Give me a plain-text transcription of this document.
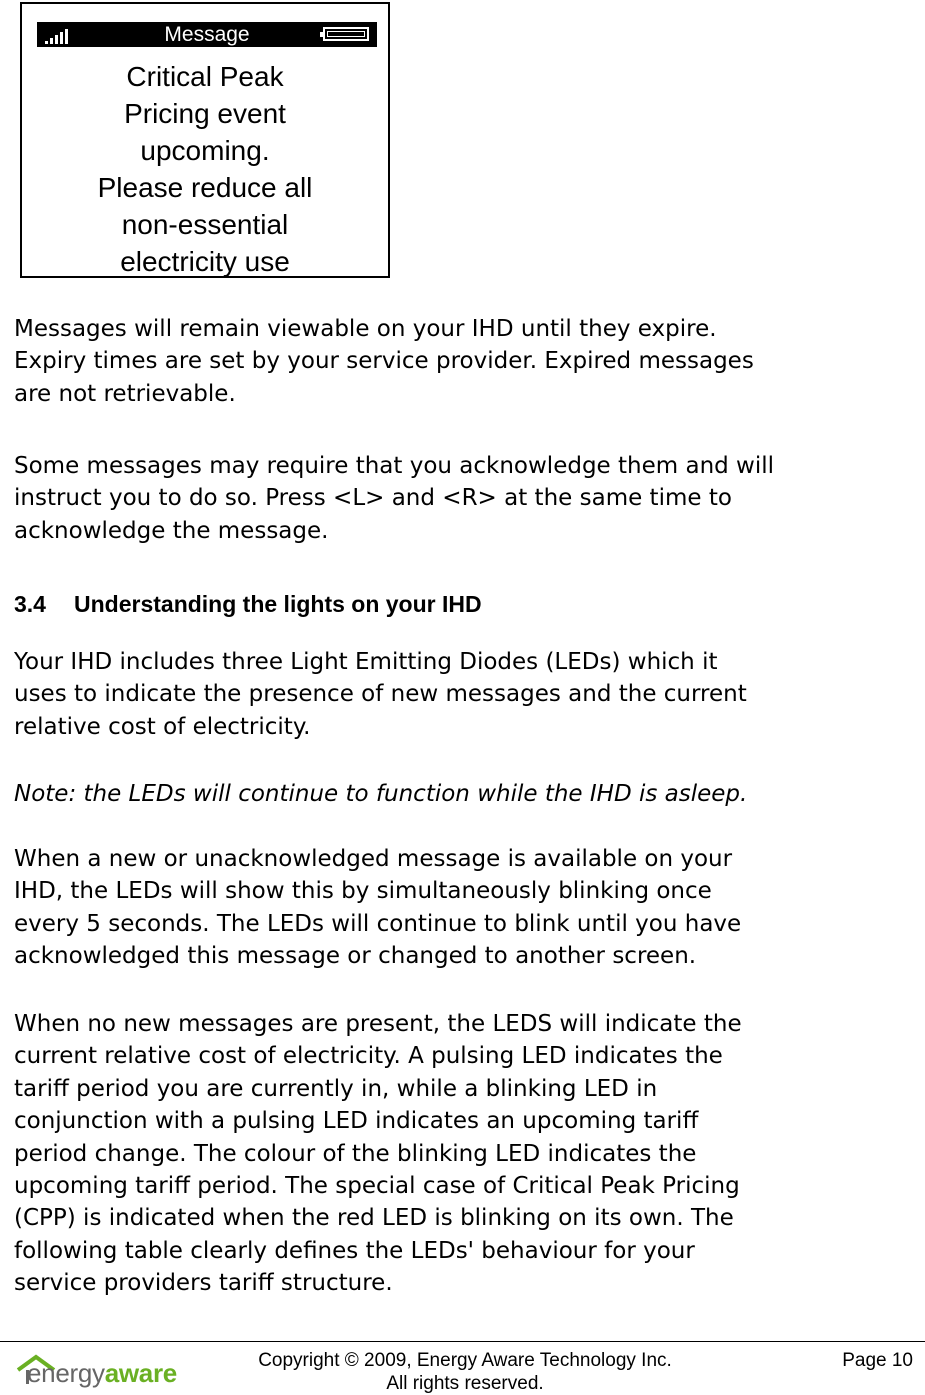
Message
Critical Peak
Pricing event
upcoming.
Please reduce all
non-essential
electricity use
Messages will remain viewable on your IHD until they expire.
Expiry times are set by your service provider. Expired messages
are not retrievable.
Some messages may require that you acknowledge them and will
instruct you to do so. Press <L> and <R> at the same time to
acknowledge the message.
3.4 Understanding the lights on your IHD
Your IHD includes three Light Emitting Diodes (LEDs) which it
uses to indicate the presence of new messages and the current
relative cost of electricity.
Note: the LEDs will continue to function while the IHD is asleep.
When a new or unacknowledged message is available on your
IHD, the LEDs will show this by simultaneously blinking once
every 5 seconds. The LEDs will continue to blink until you have
acknowledged this message or changed to another screen.
When no new messages are present, the LEDS will indicate the
current relative cost of electricity. A pulsing LED indicates the
tariff period you are currently in, while a blinking LED in
conjunction with a pulsing LED indicates an upcoming tariff
period change. The colour of the blinking LED indicates the
upcoming tariff period. The special case of Critical Peak Pricing
(CPP) is indicated when the red LED is blinking on its own. The
following table clearly defines the LEDs' behaviour for your
service providers tariff structure.
energyaware	Copyright © 2009, Energy Aware Technology Inc.
All rights reserved.
Page 10
